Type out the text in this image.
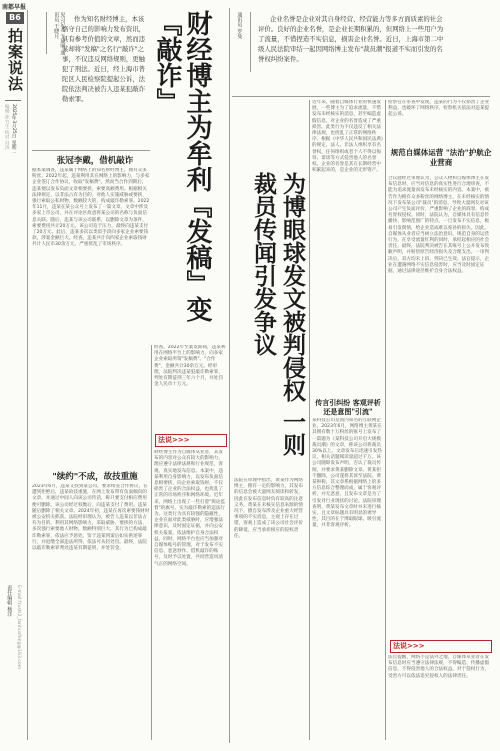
南都早报
B6
拍案说法
2025年3月25日 星期二
编辑 孙竹生 校对 冯涛
责任编辑 杨洋 E-mail:frustr2_fanhusfeng@163.com
见习记者 王晨明 通讯员 王晓月	作为知名财经博主，本该恪守自己的影响力发布资讯，具有参考价值的文章，然而违某却将"发稿"之名行"敲诈"之事，不仅违反网络规则，更触犯了刑法。近日，经上海市普陀区人民检察院提起公诉，法院依法判决被告人违某犯敲诈勒索罪。	财经博主为牟利『发稿』变『敲诈』
张冠李戴，借机敲诈

据本案调查，违某属于网络上的知名财经博主，拥有众多粉丝。2022年起，违某利用其在网络上的影响力，与多家企业签订合作协议，收取"发稿费"。然而当合作到期后，违某便以发布负面文章相要挟，索要高额费用。根据相关法律规定，以非法占有为目的，对他人实施威胁或要挟，强行索取公私财物，数额较大的，构成敲诈勒索罪。2022年11月，违某在某公众号上发布了一篇文章，文章中涉及多家上市公司，并在评论区故意将某公司的名称与负面信息关联。随后，违某与该公司联系，以删除文章为条件，索要费用共计20万元。该公司迫于压力，最终向违某支付了20万元。此后，违某多次以类似手段向多家企业索要钱款，涉案金额巨大。经查，违某共计向四家企业索取钱财共计人民币30余万元，严重扰乱了市场秩序。

"续约"不成，故技重施

2023年6月，违某又找到某公司，要求续签合作协议，在遭到拒绝后，违某故技重施，在网上发布带有负面倾向的文章，并通过中间人向该公司传话，称只要支付相应费用便可删除。该公司经过权衡后，向违某支付了费用。违某随后删除了相关文章。2024年初，违某在再次索要钱财时被公安机关抓获。法院经审理认为，被告人违某以非法占有为目的，利用其网络影响力，采取威胁、要挟的方法，多次强行索要他人财物，数额特别巨大，其行为已构成敲诈勒索罪，依法应予惩处。鉴于违某到案后如实供述罪行，并退缴全部违法所得，依法可从轻处罚。最终，法院以敲诈勒索罪判处违某有期徒刑，并处罚金。

经查，2022年至案发期间，违某利用在网络平台上的影响力，向多家企业索取所谓"发稿费"、"合作费"，金额共计30余万元。经审理，法院判决违某犯敲诈勒索罪，判处有期徒刑三年六个月，并处罚金人民币十万元。

法说>>>

财经博主作为自媒体从业者，其发布的内容对公众有较大的影响力，理应遵守法律法规和行业规范，客观、真实地发布信息。本案中，违某利用自身影响力，以发布负面信息相要挟，向企业索取钱财，不仅损害了企业的合法权益，也扰乱了正常的市场秩序和网络环境。近年来，网络上出现了一些打着"舆论监督"的旗号，实为敲诈勒索的违法行为。这类行为具有较强的隐蔽性，企业在面对此类威胁时，应增强法律意识，及时固定证据，并向公安机关报案，依法维护自身合法权益。同时，网络平台也应当加强对自媒体账号的管理，对于发布不实信息、恶意炒作、借机敲诈的账号，及时予以处置，共同营造风清气正的网络空间。

企业名誉是企业对其自身经营、经营能力等多方面质素的社会评价。良好的企业名誉，是企业长期积累的，但网络上一些用户为了流量，不惜捏造不实信息，损害企业名誉。近日，上海市第二中级人民法院审结一起因网络博主发布"裁员潮"报道不实而引发的名誉权纠纷案件。
通讯员 罗曼
为博眼球发文被判侵权 一则裁员传闻引发争议

检察官在审查中发现，违某的行为不仅损害了企业利益，也破坏了网络秩序。检察机关依法对违某提起公诉。

规范自媒体运营 "法治"护航企业营商

合议庭经过审理认为，公众人物和自媒体博主在发布信息时，应当对信息的真实性进行合理审查，不能为追求流量而发布未经核实的内容。本案中，被告作为拥有众多粉丝的网络博主，在未经核实的情况下发布某公司"裁员"的消息，导致大量网友对该公司产生负面评价，严重影响了企业的商誉，构成名誉权侵权。同时，法院认为，自媒体具有信息传播快、影响范围广的特点，一旦发布不实信息，极易引发舆情，给企业造成难以弥补的损失。因此，自媒体从业者应当树立法治意识，规范自身的运营行为，在享受流量红利的同时，承担起相应的社会责任。最终，法院判决被告在其账号上公开发布致歉声明，并赔偿原告经济损失及合理支出。一审判决后，双方均未上诉，判决已生效。法官提示，企业在遭遇网络不实信息侵害时，应当及时固定证据，通过法律途径维护自身合法权益。

传言引纠纷 客观评析还是意图"引流"

某科技公司是国内知名的互联网企业。2023年6月，网络博主黄某在其拥有数十万粉丝的账号上发布了一篇题为《某科技公司开启大规模裁员潮》的文章，称该公司将裁员30%以上。文章发布后迅速引发热议，相关话题阅读量超过千万。该公司随即发布声明，否认了裁员传闻，并要求黄某删除文章。黄某拒不删除，公司遂将其诉至法院。黄某辩称，其文章系根据网络上的多方信息综合整理而成，属于客观评析，并无恶意，且发布文章是为了引发对行业现状的讨论。法院审理查明，黄某发布文章时并未进行核实，且文章标题具有明显的诱导性，其目的在于博取眼球、吸引流量，并非客观评析。

近年来，随着自媒体行业的快速发展，一些博主为了追求流量，不惜发布未经核实的消息，甚至编造虚假信息，对企业的名誉造成了严重损害。此类行为不仅违反了相关法律法规，也扰乱了正常的网络秩序。根据《中华人民共和国民法典》的规定，法人、非法人组织享有名誉权，任何组织或者个人不得以侮辱、诽谤等方式侵害他人的名誉权。企业的名誉是其在长期经营中积累起来的，是企业的无形资产。

法说>>>

法官提醒，网络不是法外之地，自媒体从业者在发布信息时应当遵守法律法规，不得编造、传播虚假信息，不得侵害他人的合法权益。对于侵权行为，受害方可以依法追究侵权人的法律责任。

法院在审理中指出，黄某作为网络博主，拥有一定的影响力，其发布的信息会被大量网友阅读和转发，因此在发布信息时负有较高的注意义务。黄某在未核实信息来源的情况下，擅自发布涉及企业重大经营事项的不实消息，主观上存在过错，客观上造成了该公司社会评价的降低，应当承担相应的侵权责任。
